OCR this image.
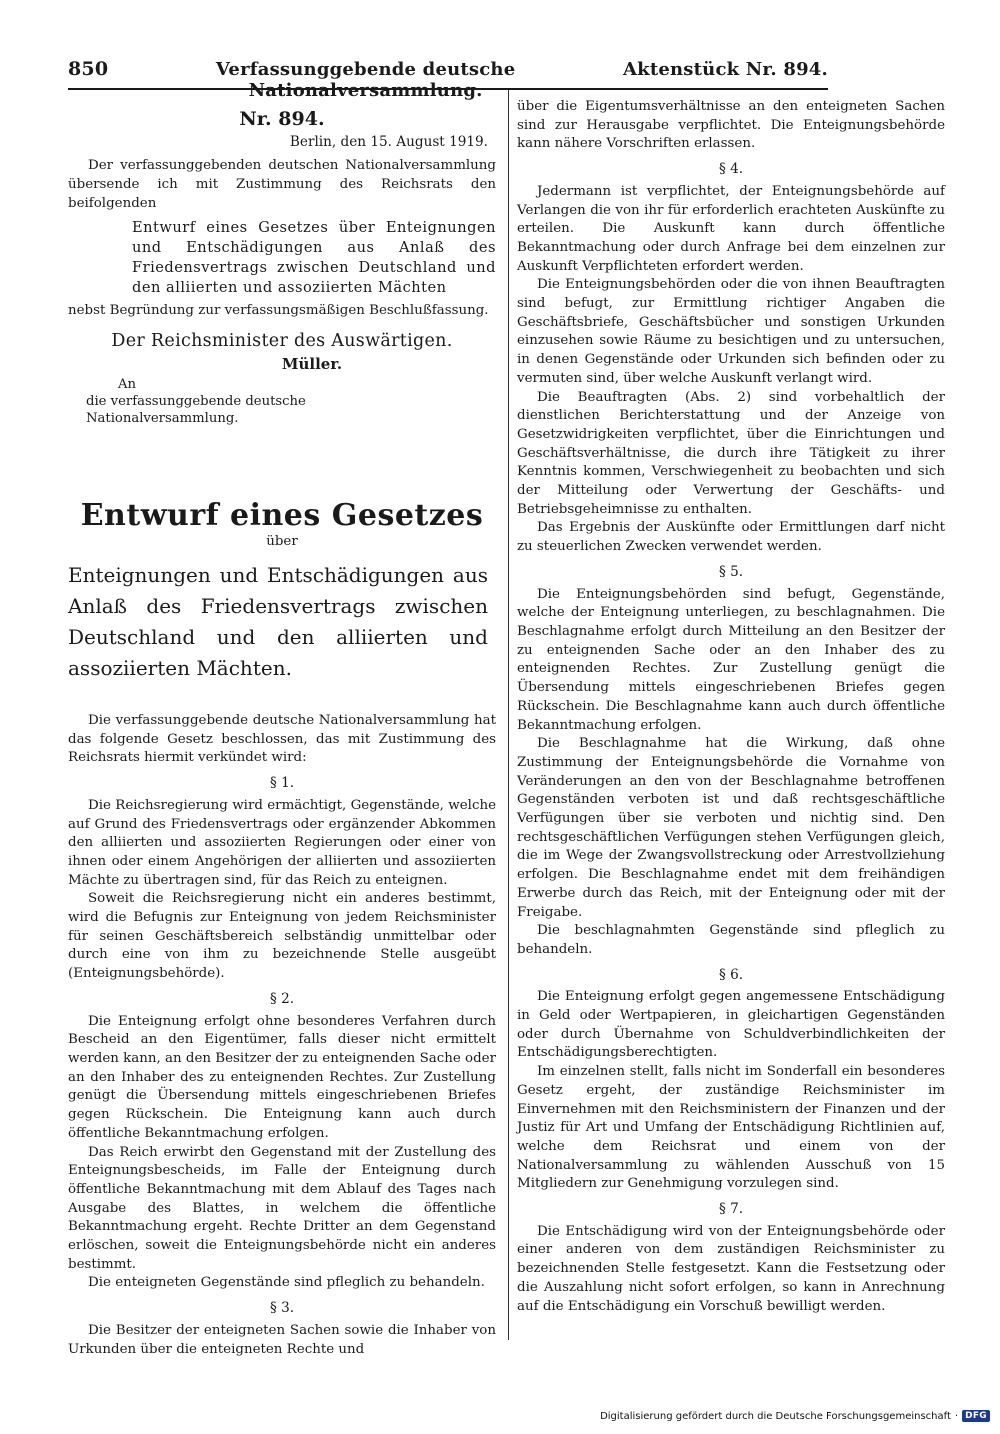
850	Verfassunggebende deutsche Nationalversammlung.
Aktenstück Nr. 894.
Nr. 894.
Berlin, den 15. August 1919.

Der verfassunggebenden deutschen Nationalversammlung übersende ich mit Zustimmung des Reichsrats den beifolgenden

Entwurf eines Gesetzes über Enteignungen und Entschädigungen aus Anlaß des Friedensvertrags zwischen Deutschland und den alliierten und assoziierten Mächten

nebst Begründung zur verfassungsmäßigen Beschlußfassung.

Der Reichsminister des Auswärtigen.
Müller.
An
die verfassunggebende deutsche
Nationalversammlung.
Entwurf eines Gesetzes
über
Enteignungen und Entschädigungen aus Anlaß des Friedensvertrags zwischen Deutschland und den alliierten und assoziierten Mächten.

Die verfassunggebende deutsche Nationalversammlung hat das folgende Gesetz beschlossen, das mit Zustimmung des Reichsrats hiermit verkündet wird:

§ 1.

Die Reichsregierung wird ermächtigt, Gegenstände, welche auf Grund des Friedensvertrags oder ergänzender Abkommen den alliierten und assoziierten Regierungen oder einer von ihnen oder einem Angehörigen der alliierten und assoziierten Mächte zu übertragen sind, für das Reich zu enteignen.

Soweit die Reichsregierung nicht ein anderes bestimmt, wird die Befugnis zur Enteignung von jedem Reichsminister für seinen Geschäftsbereich selbständig unmittelbar oder durch eine von ihm zu bezeichnende Stelle ausgeübt (Enteignungsbehörde).

§ 2.

Die Enteignung erfolgt ohne besonderes Verfahren durch Bescheid an den Eigentümer, falls dieser nicht ermittelt werden kann, an den Besitzer der zu enteignenden Sache oder an den Inhaber des zu enteignenden Rechtes. Zur Zustellung genügt die Übersendung mittels eingeschriebenen Briefes gegen Rückschein. Die Enteignung kann auch durch öffentliche Bekanntmachung erfolgen.

Das Reich erwirbt den Gegenstand mit der Zustellung des Enteignungsbescheids, im Falle der Enteignung durch öffentliche Bekanntmachung mit dem Ablauf des Tages nach Ausgabe des Blattes, in welchem die öffentliche Bekanntmachung ergeht. Rechte Dritter an dem Gegenstand erlöschen, soweit die Enteignungsbehörde nicht ein anderes bestimmt.

Die enteigneten Gegenstände sind pfleglich zu behandeln.

§ 3.

Die Besitzer der enteigneten Sachen sowie die Inhaber von Urkunden über die enteigneten Rechte und

über die Eigentumsverhältnisse an den enteigneten Sachen sind zur Herausgabe verpflichtet. Die Enteignungsbehörde kann nähere Vorschriften erlassen.

§ 4.

Jedermann ist verpflichtet, der Enteignungsbehörde auf Verlangen die von ihr für erforderlich erachteten Auskünfte zu erteilen. Die Auskunft kann durch öffentliche Bekanntmachung oder durch Anfrage bei dem einzelnen zur Auskunft Verpflichteten erfordert werden.

Die Enteignungsbehörden oder die von ihnen Beauftragten sind befugt, zur Ermittlung richtiger Angaben die Geschäftsbriefe, Geschäftsbücher und sonstigen Urkunden einzusehen sowie Räume zu besichtigen und zu untersuchen, in denen Gegenstände oder Urkunden sich befinden oder zu vermuten sind, über welche Auskunft verlangt wird.

Die Beauftragten (Abs. 2) sind vorbehaltlich der dienstlichen Berichterstattung und der Anzeige von Gesetzwidrigkeiten verpflichtet, über die Einrichtungen und Geschäftsverhältnisse, die durch ihre Tätigkeit zu ihrer Kenntnis kommen, Verschwiegenheit zu beobachten und sich der Mitteilung oder Verwertung der Geschäfts- und Betriebsgeheimnisse zu enthalten.

Das Ergebnis der Auskünfte oder Ermittlungen darf nicht zu steuerlichen Zwecken verwendet werden.

§ 5.

Die Enteignungsbehörden sind befugt, Gegenstände, welche der Enteignung unterliegen, zu beschlagnahmen. Die Beschlagnahme erfolgt durch Mitteilung an den Besitzer der zu enteignenden Sache oder an den Inhaber des zu enteignenden Rechtes. Zur Zustellung genügt die Übersendung mittels eingeschriebenen Briefes gegen Rückschein. Die Beschlagnahme kann auch durch öffentliche Bekanntmachung erfolgen.

Die Beschlagnahme hat die Wirkung, daß ohne Zustimmung der Enteignungsbehörde die Vornahme von Veränderungen an den von der Beschlagnahme betroffenen Gegenständen verboten ist und daß rechtsgeschäftliche Verfügungen über sie verboten und nichtig sind. Den rechtsgeschäftlichen Verfügungen stehen Verfügungen gleich, die im Wege der Zwangsvollstreckung oder Arrestvollziehung erfolgen. Die Beschlagnahme endet mit dem freihändigen Erwerbe durch das Reich, mit der Enteignung oder mit der Freigabe.

Die beschlagnahmten Gegenstände sind pfleglich zu behandeln.

§ 6.

Die Enteignung erfolgt gegen angemessene Entschädigung in Geld oder Wertpapieren, in gleichartigen Gegenständen oder durch Übernahme von Schuldverbindlichkeiten der Entschädigungsberechtigten.

Im einzelnen stellt, falls nicht im Sonderfall ein besonderes Gesetz ergeht, der zuständige Reichsminister im Einvernehmen mit den Reichsministern der Finanzen und der Justiz für Art und Umfang der Entschädigung Richtlinien auf, welche dem Reichsrat und einem von der Nationalversammlung zu wählenden Ausschuß von 15 Mitgliedern zur Genehmigung vorzulegen sind.

§ 7.

Die Entschädigung wird von der Enteignungsbehörde oder einer anderen von dem zuständigen Reichsminister zu bezeichnenden Stelle festgesetzt. Kann die Festsetzung oder die Auszahlung nicht sofort erfolgen, so kann in Anrechnung auf die Entschädigung ein Vorschuß bewilligt werden.

Digitalisierung gefördert durch die Deutsche Forschungsgemeinschaft · DFG
